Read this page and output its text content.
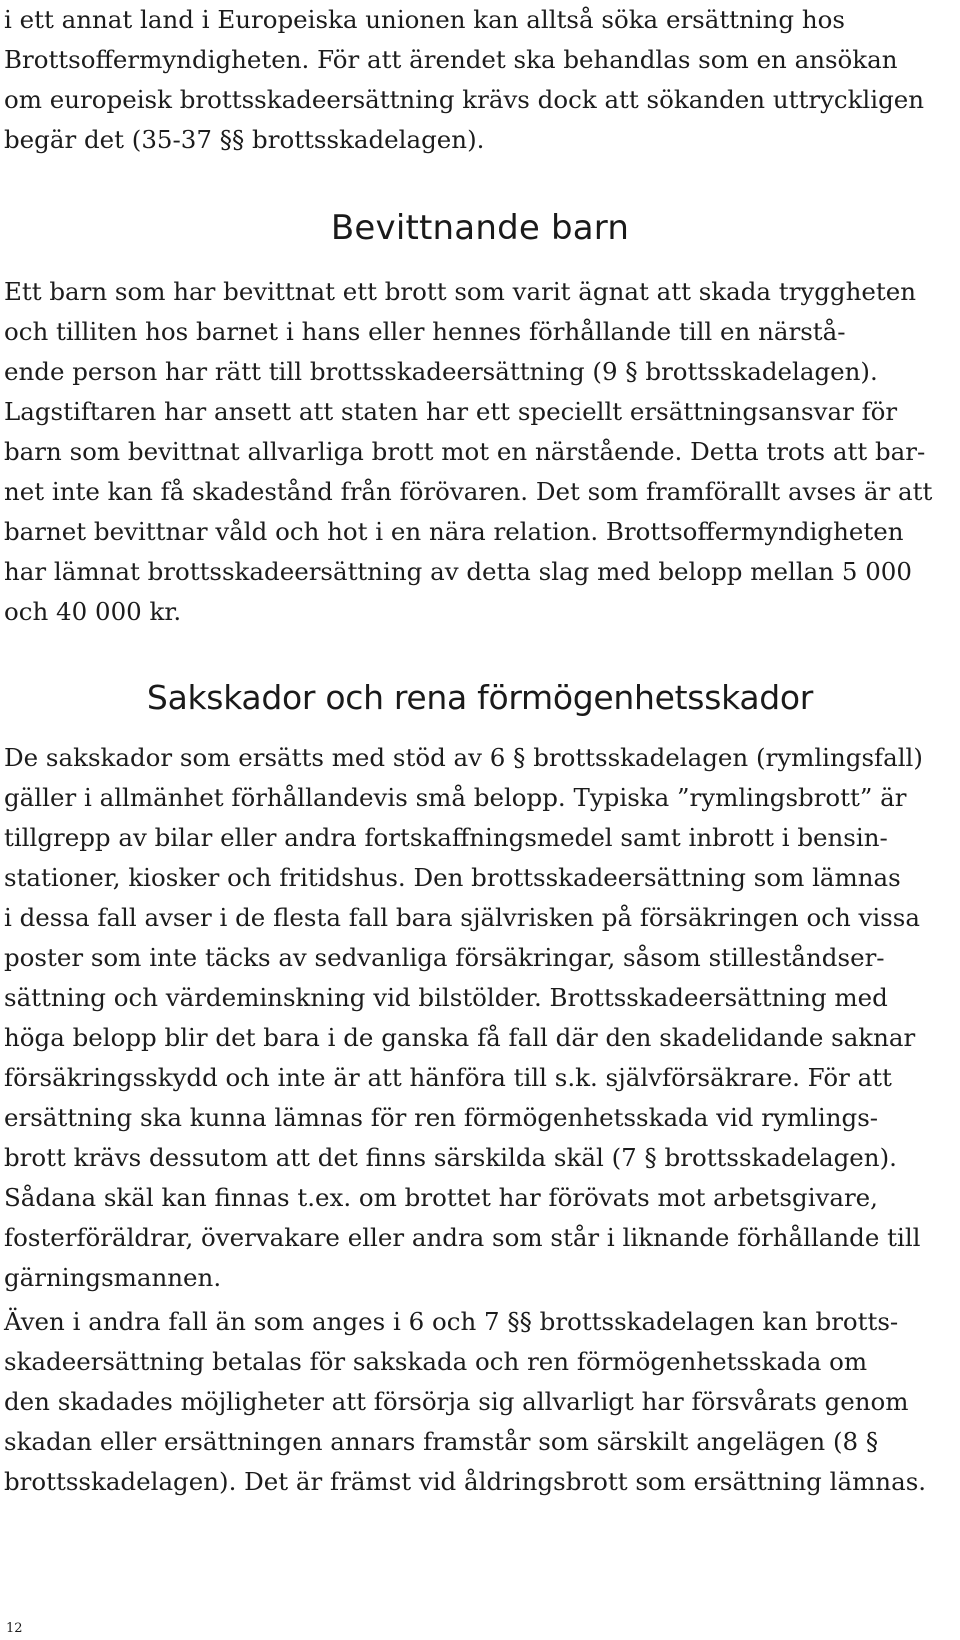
i ett annat land i Europeiska unionen kan alltså söka ersättning hos
Brottsoffermyndigheten. För att ärendet ska behandlas som en ansökan
om europeisk brottsskadeersättning krävs dock att sökanden uttryckligen
begär det (35-37 §§ brottsskadelagen).

Bevittnande barn

Ett barn som har bevittnat ett brott som varit ägnat att skada tryggheten
och tilliten hos barnet i hans eller hennes förhållande till en närstå-
ende person har rätt till brottsskadeersättning (9 § brottsskadelagen).
Lagstiftaren har ansett att staten har ett speciellt ersättningsansvar för
barn som bevittnat allvarliga brott mot en närstående. Detta trots att bar-
net inte kan få skadestånd från förövaren. Det som framförallt avses är att
barnet bevittnar våld och hot i en nära relation. Brottsoffermyndigheten
har lämnat brottsskadeersättning av detta slag med belopp mellan 5 000
och 40 000 kr.

Sakskador och rena förmögenhetsskador

De sakskador som ersätts med stöd av 6 § brottsskadelagen (rymlingsfall)
gäller i allmänhet förhållandevis små belopp. Typiska ”rymlingsbrott” är
tillgrepp av bilar eller andra fortskaffningsmedel samt inbrott i bensin-
stationer, kiosker och fritidshus. Den brottsskadeersättning som lämnas
i dessa fall avser i de flesta fall bara självrisken på försäkringen och vissa
poster som inte täcks av sedvanliga försäkringar, såsom stilleståndser-
sättning och värdeminskning vid bilstölder. Brottsskadeersättning med
höga belopp blir det bara i de ganska få fall där den skadelidande saknar
försäkringsskydd och inte är att hänföra till s.k. självförsäkrare. För att
ersättning ska kunna lämnas för ren förmögenhetsskada vid rymlings-
brott krävs dessutom att det finns särskilda skäl (7 § brottsskadelagen).
Sådana skäl kan finnas t.ex. om brottet har förövats mot arbetsgivare,
fosterföräldrar, övervakare eller andra som står i liknande förhållande till
gärningsmannen.

Även i andra fall än som anges i 6 och 7 §§ brottsskadelagen kan brotts-
skadeersättning betalas för sakskada och ren förmögenhetsskada om
den skadades möjligheter att försörja sig allvarligt har försvårats genom
skadan eller ersättningen annars framstår som särskilt angelägen (8 §
brottsskadelagen). Det är främst vid åldringsbrott som ersättning lämnas.

12
